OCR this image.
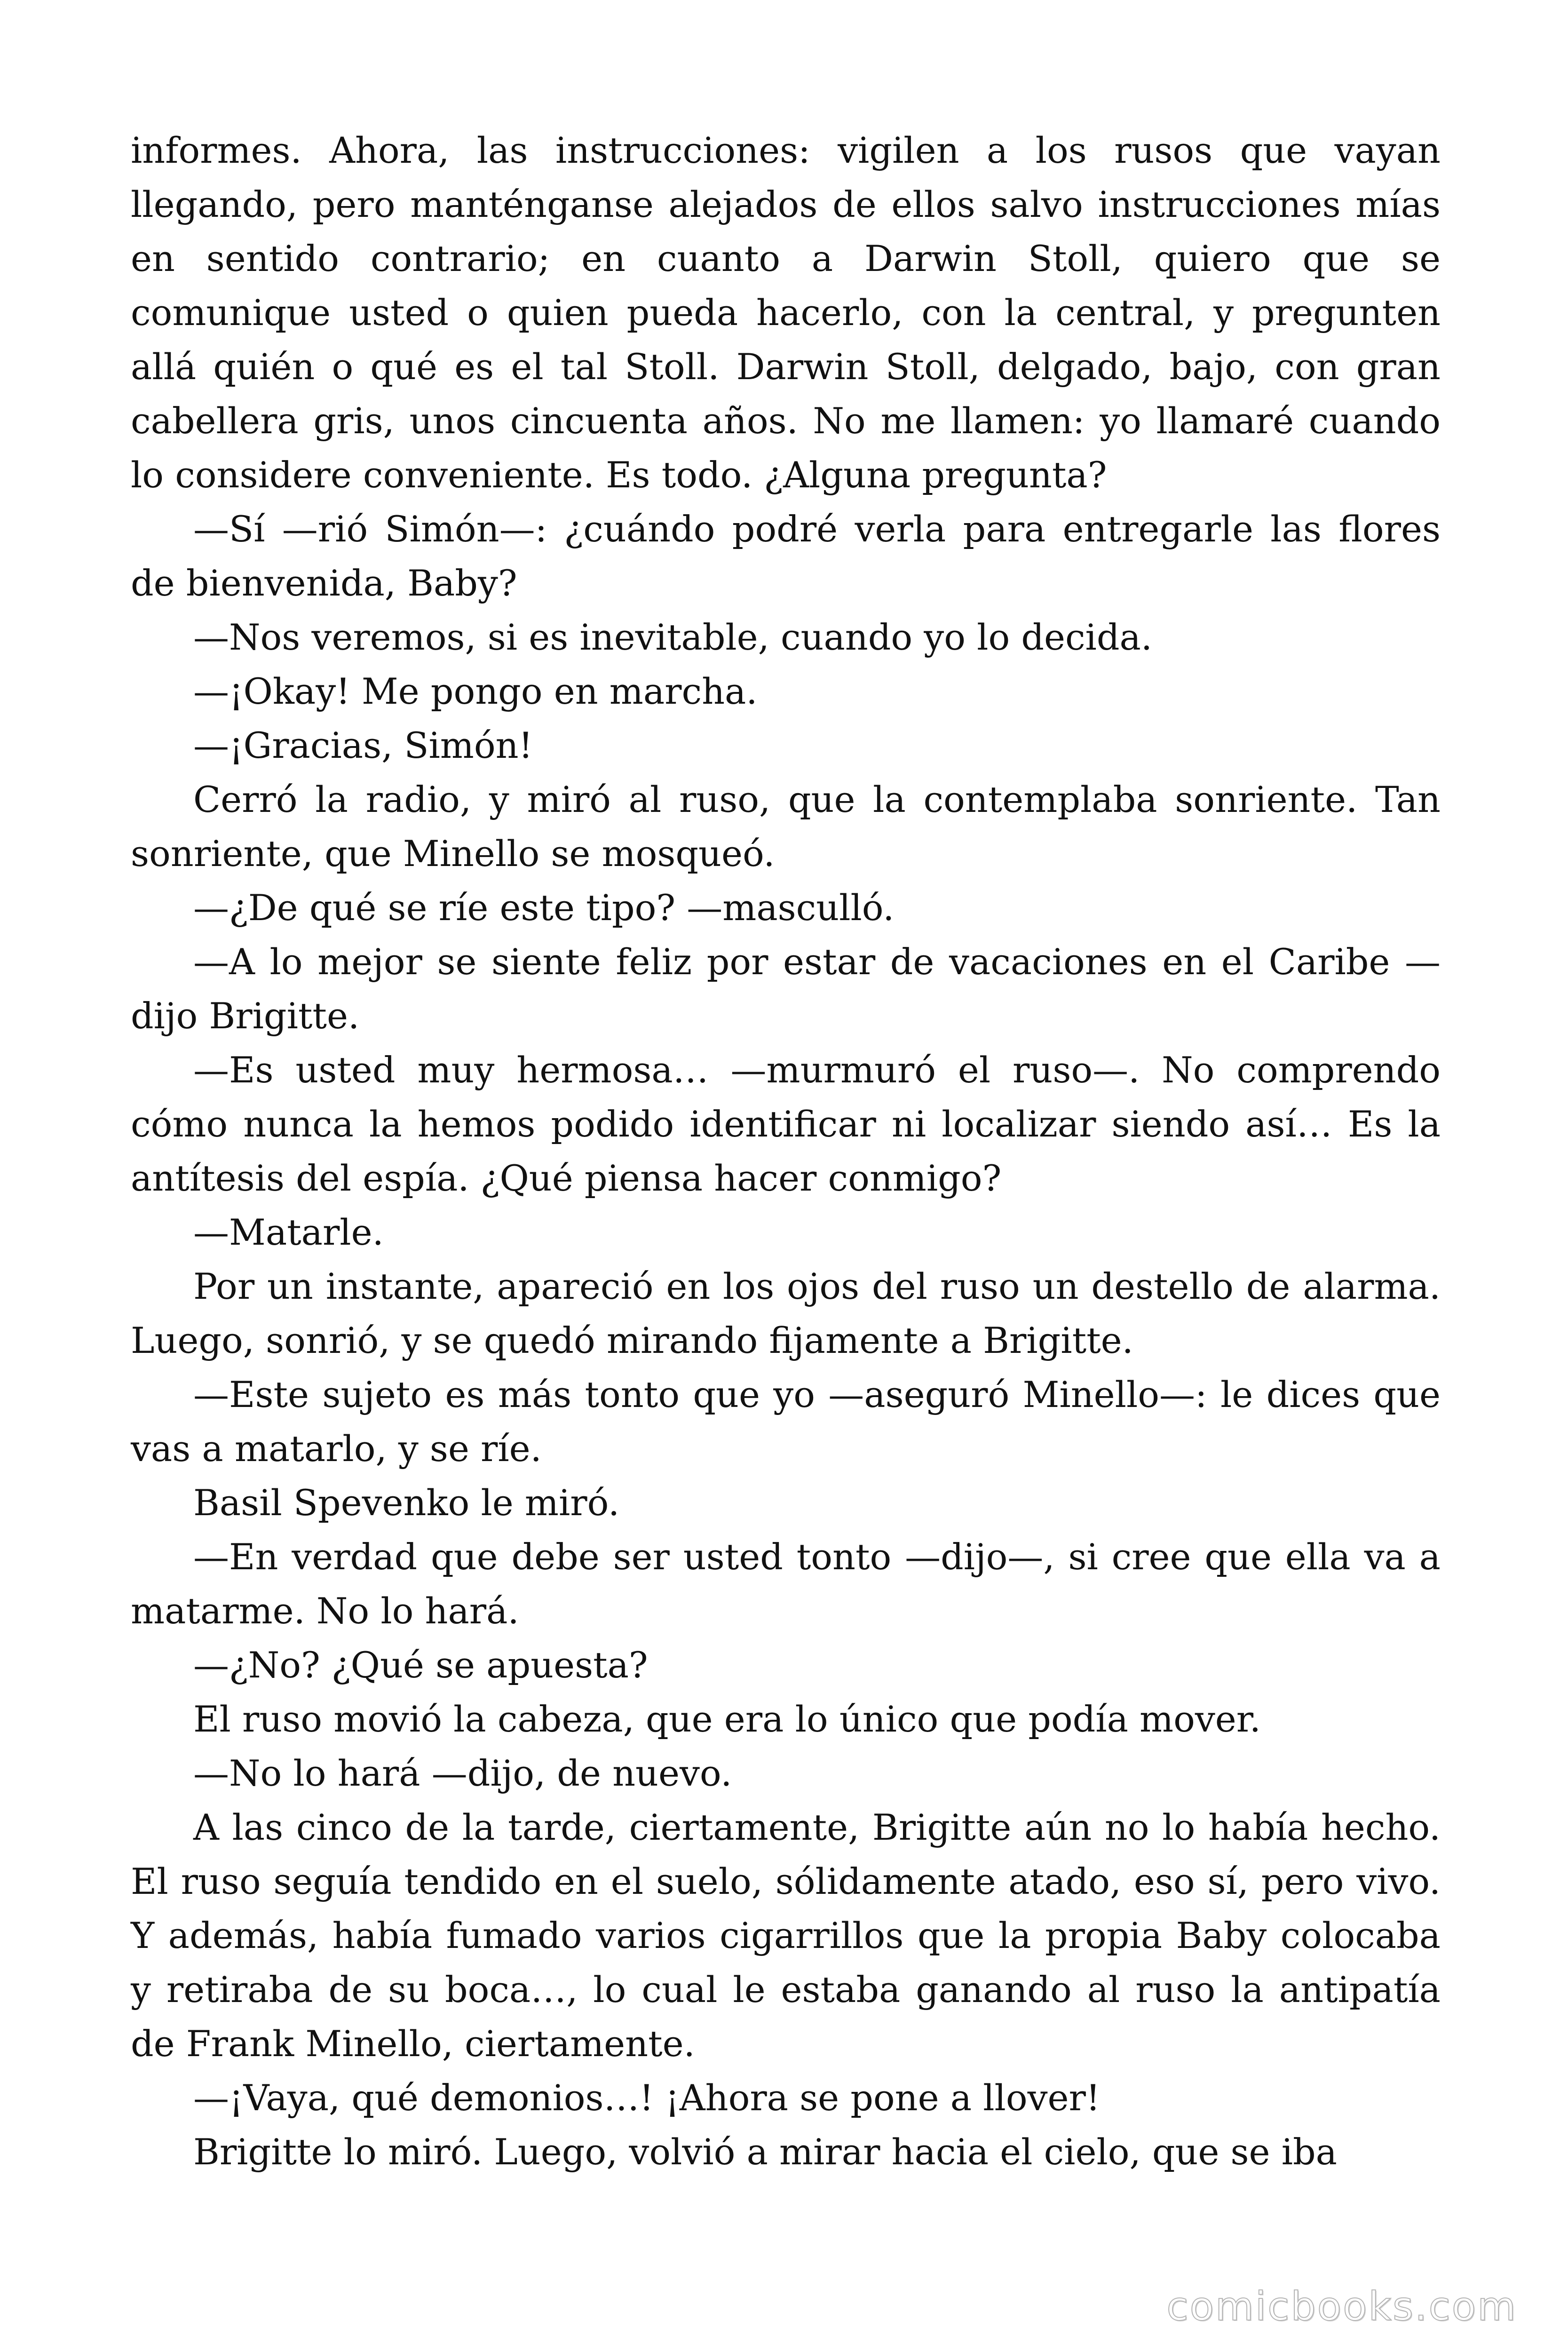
informes. Ahora, las instrucciones: vigilen a los rusos que vayan llegando, pero manténganse alejados de ellos salvo instrucciones mías en sentido contrario; en cuanto a Darwin Stoll, quiero que se comunique usted o quien pueda hacerlo, con la central, y pregunten allá quién o qué es el tal Stoll. Darwin Stoll, delgado, bajo, con gran cabellera gris, unos cincuenta años. No me llamen: yo llamaré cuando lo considere conveniente. Es todo. ¿Alguna pregunta?

—Sí —rió Simón—: ¿cuándo podré verla para entregarle las flores de bienvenida, Baby?

—Nos veremos, si es inevitable, cuando yo lo decida.

—¡Okay! Me pongo en marcha.

—¡Gracias, Simón!

Cerró la radio, y miró al ruso, que la contemplaba sonriente. Tan sonriente, que Minello se mosqueó.

—¿De qué se ríe este tipo? —masculló.

—A lo mejor se siente feliz por estar de vacaciones en el Caribe —dijo Brigitte.

—Es usted muy hermosa… —murmuró el ruso—. No comprendo cómo nunca la hemos podido identificar ni localizar siendo así… Es la antítesis del espía. ¿Qué piensa hacer conmigo?

—Matarle.

Por un instante, apareció en los ojos del ruso un destello de alarma. Luego, sonrió, y se quedó mirando fijamente a Brigitte.

—Este sujeto es más tonto que yo —aseguró Minello—: le dices que vas a matarlo, y se ríe.

Basil Spevenko le miró.

—En verdad que debe ser usted tonto —dijo—, si cree que ella va a matarme. No lo hará.

—¿No? ¿Qué se apuesta?

El ruso movió la cabeza, que era lo único que podía mover.

—No lo hará —dijo, de nuevo.

A las cinco de la tarde, ciertamente, Brigitte aún no lo había hecho. El ruso seguía tendido en el suelo, sólidamente atado, eso sí, pero vivo. Y además, había fumado varios cigarrillos que la propia Baby colocaba y retiraba de su boca…, lo cual le estaba ganando al ruso la antipatía de Frank Minello, ciertamente.

—¡Vaya, qué demonios…! ¡Ahora se pone a llover!

Brigitte lo miró. Luego, volvió a mirar hacia el cielo, que se iba

comicbooks.com
